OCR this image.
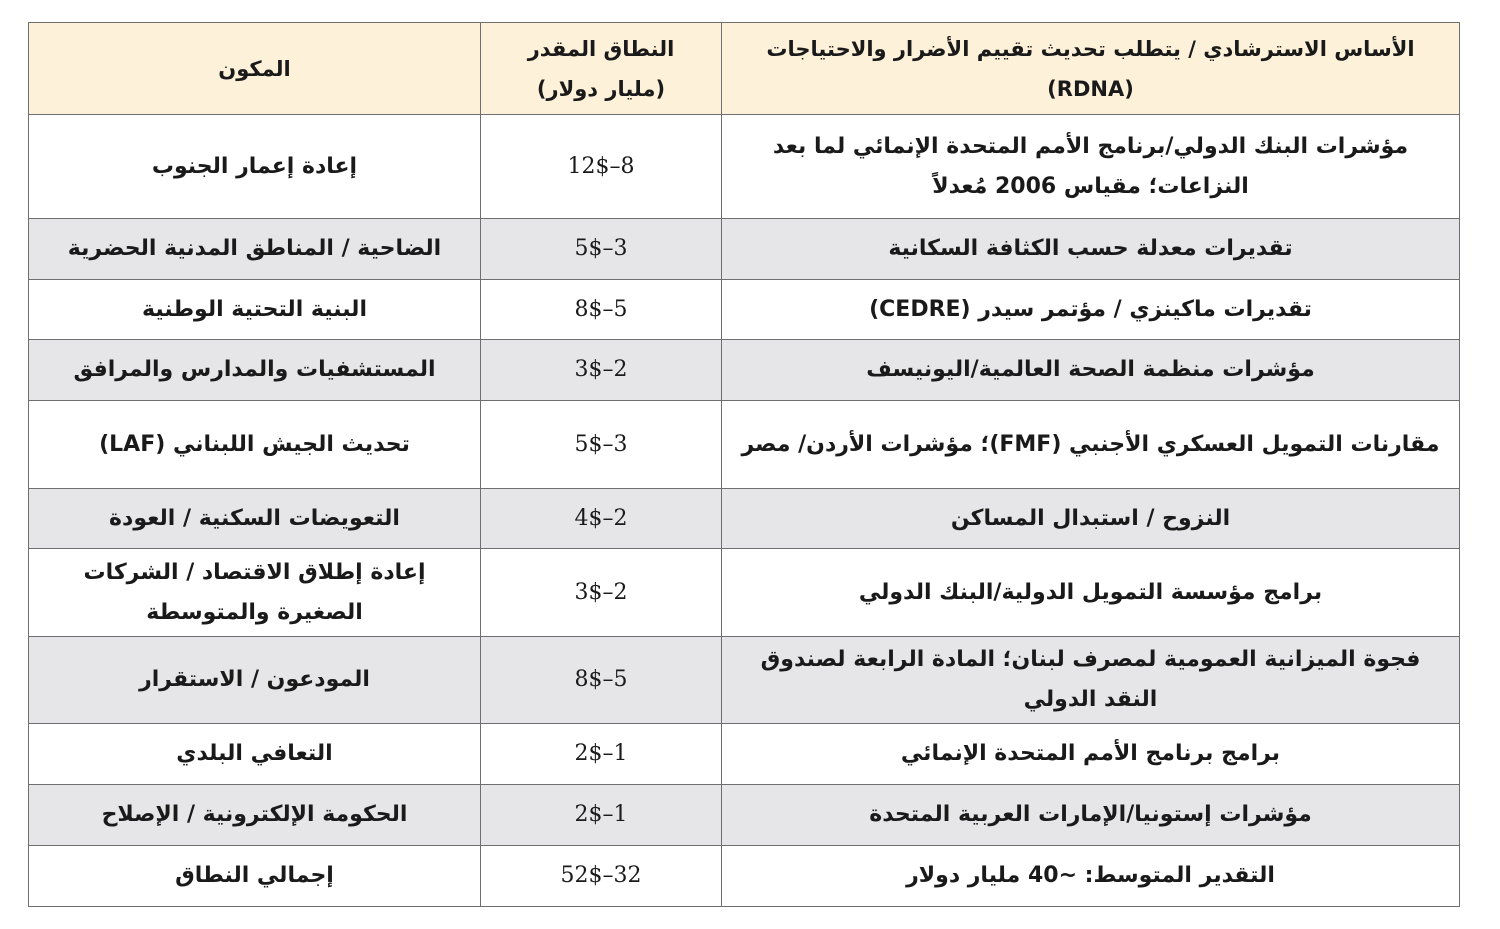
الأساس الاسترشادي / يتطلب تحديث تقييم الأضرار والاحتياجات (RDNA)	النطاق المقدر (مليار دولار)	المكون
مؤشرات البنك الدولي/برنامج الأمم المتحدة الإنمائي لما بعد النزاعات؛ مقياس 2006 مُعدلاً	8–12$	إعادة إعمار الجنوب
تقديرات معدلة حسب الكثافة السكانية	3–5$	الضاحية / المناطق المدنية الحضرية
تقديرات ماكينزي / مؤتمر سيدر (CEDRE)	5–8$	البنية التحتية الوطنية
مؤشرات منظمة الصحة العالمية/اليونيسف	2–3$	المستشفيات والمدارس والمرافق
مقارنات التمويل العسكري الأجنبي (FMF)؛ مؤشرات الأردن/ مصر	3–5$	تحديث الجيش اللبناني (LAF)
النزوح / استبدال المساكن	2–4$	التعويضات السكنية / العودة
برامج مؤسسة التمويل الدولية/البنك الدولي	2–3$	إعادة إطلاق الاقتصاد / الشركات الصغيرة والمتوسطة
فجوة الميزانية العمومية لمصرف لبنان؛ المادة الرابعة لصندوق النقد الدولي	5–8$	المودعون / الاستقرار
برامج برنامج الأمم المتحدة الإنمائي	1–2$	التعافي البلدي
مؤشرات إستونيا/الإمارات العربية المتحدة	1–2$	الحكومة الإلكترونية / الإصلاح
التقدير المتوسط: ~40 مليار دولار	32–52$	إجمالي النطاق
